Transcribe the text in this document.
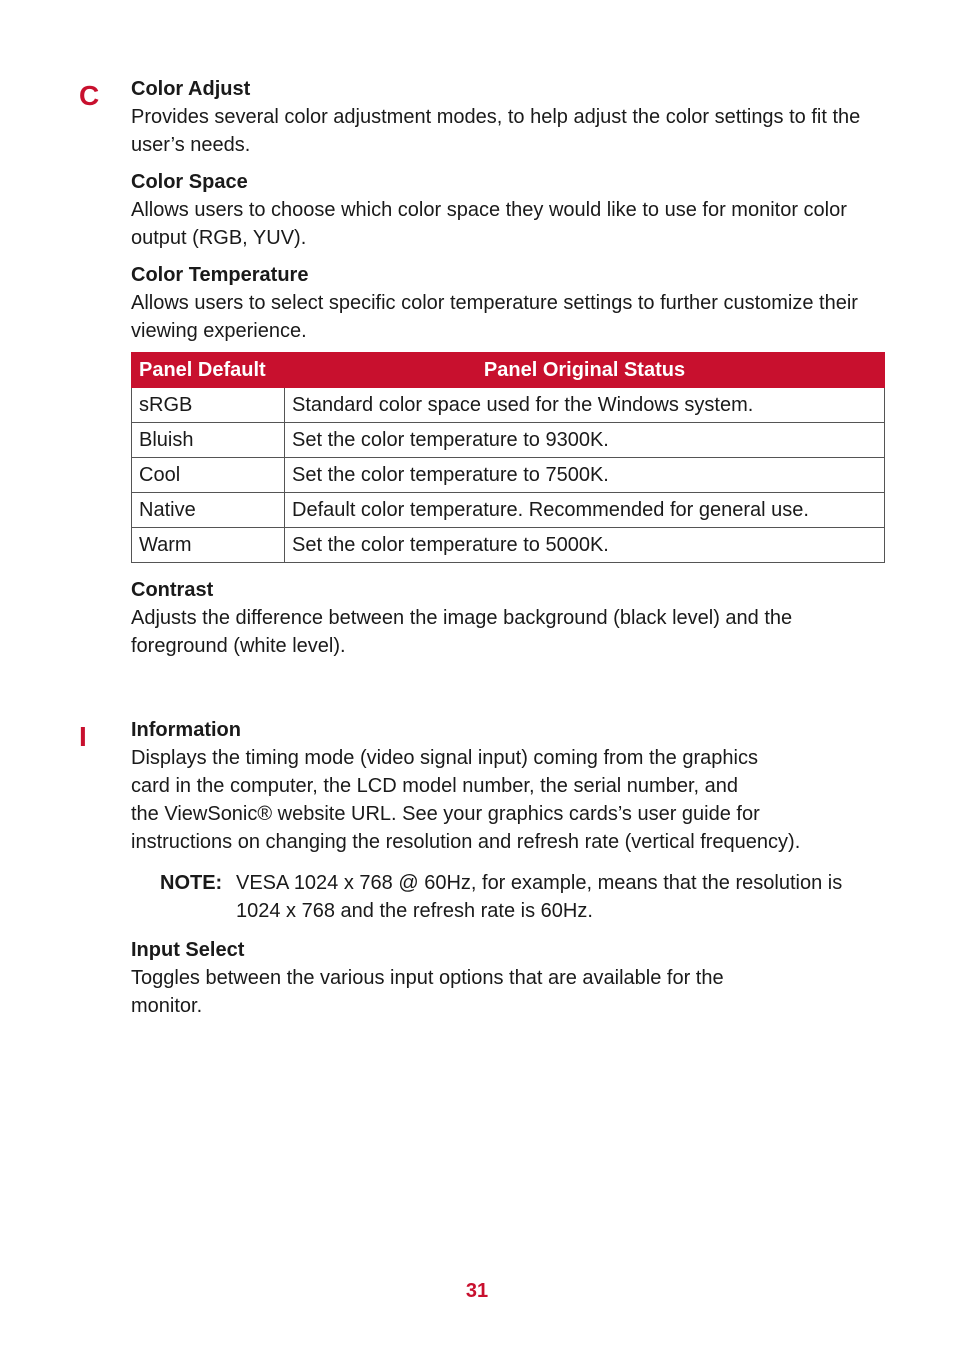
C Color Adjust

Provides several color adjustment modes, to help adjust the color settings to fit the user’s needs.

Color Space

Allows users to choose which color space they would like to use for monitor color output (RGB, YUV).

Color Temperature

Allows users to select specific color temperature settings to further customize their viewing experience.

Panel Default	Panel Original Status
sRGB	Standard color space used for the Windows system.
Bluish	Set the color temperature to 9300K.
Cool	Set the color temperature to 7500K.
Native	Default color temperature. Recommended for general use.
Warm	Set the color temperature to 5000K.
Contrast

Adjusts the difference between the image background (black level) and the foreground (white level).

I Information

Displays the timing mode (video signal input) coming from the graphics
card in the computer, the LCD model number, the serial number, and
the ViewSonic® website URL. See your graphics cards’s user guide for
instructions on changing the resolution and refresh rate (vertical frequency).

NOTE: VESA 1024 x 768 @ 60Hz, for example, means that the resolution is 1024 x 768 and the refresh rate is 60Hz.
Input Select

Toggles between the various input options that are available for the
monitor.

31
